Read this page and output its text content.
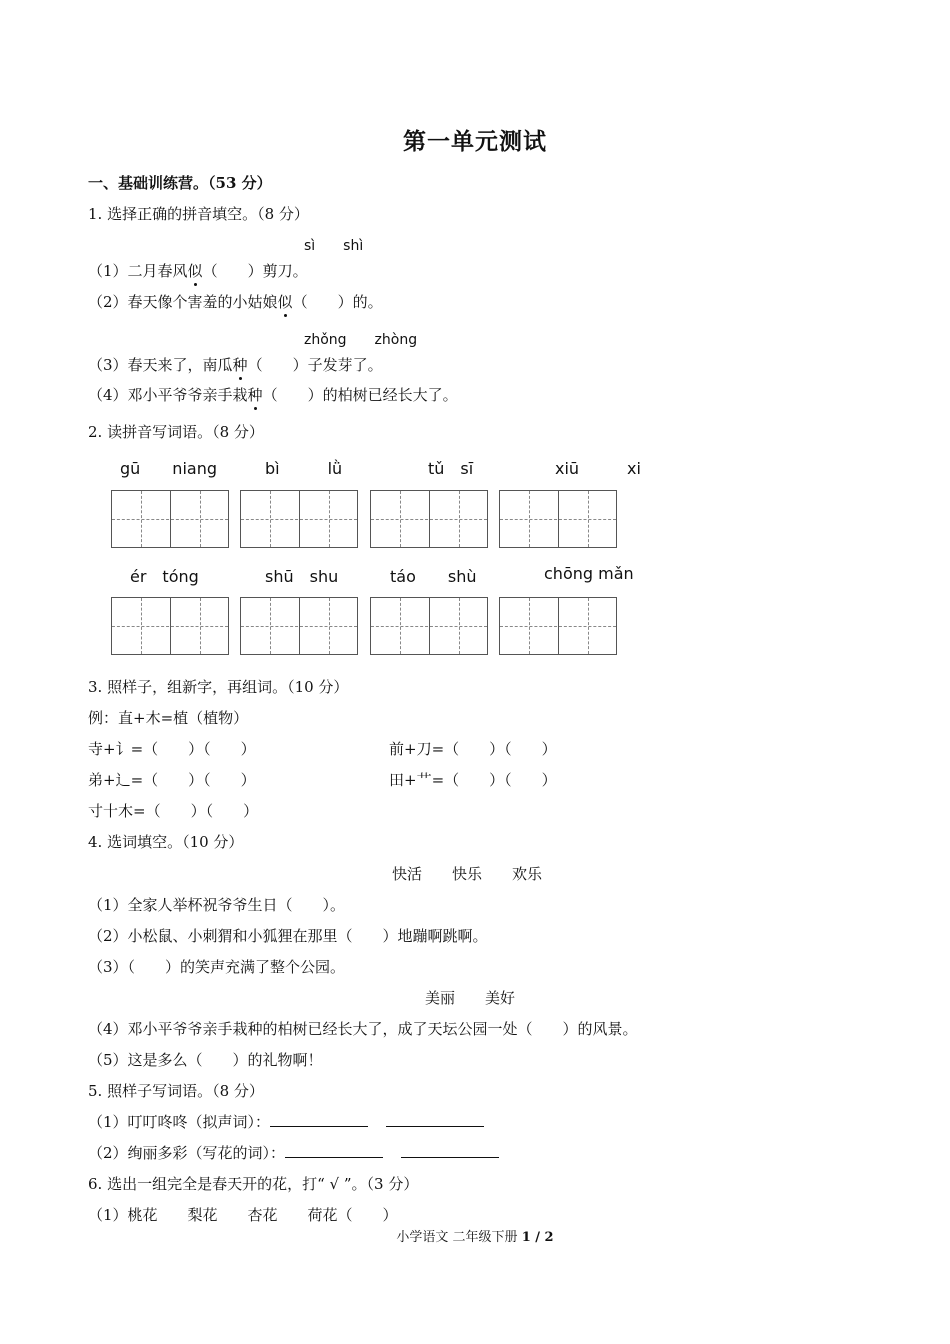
第一单元测试
一、基础训练营。（53 分）
1. 选择正确的拼音填空。（8 分）
sì　　shì
（1）二月春风似（　　）剪刀。
（2）春天像个害羞的小姑娘似（　　）的。
zhǒng　　zhòng
（3）春天来了，南瓜种（　　）子发芽了。
（4）邓小平爷爷亲手栽种（　　）的柏树已经长大了。
2. 读拼音写词语。（8 分）
gū　　niang	bì　　　lǜ	tǔ　sī	xiū　　　xi
ér　tóng	shū　shu	táo　　shù	chōng mǎn
3. 照样子，组新字，再组词。（10 分）
例：直+木=植（植物）
寺+讠=（　　）（　　）	前+刀=（　　）（　　）
弟+辶=（　　）（　　）	田+艹=（　　）（　　）
寸十木=（　　）（　　）
4. 选词填空。（10 分）
快活　　快乐　　欢乐
（1）全家人举杯祝爷爷生日（　　）。
（2）小松鼠、小刺猬和小狐狸在那里（　　）地蹦啊跳啊。
（3）（　　）的笑声充满了整个公园。
美丽　　美好
（4）邓小平爷爷亲手栽种的柏树已经长大了，成了天坛公园一处（　　）的风景。
（5）这是多么（　　）的礼物啊！
5. 照样子写词语。（8 分）
（1）叮叮咚咚（拟声词）：
（2）绚丽多彩（写花的词）：
6. 选出一组完全是春天开的花，打“ √ ”。（3 分）
（1）桃花　　梨花　　杏花　　荷花（　　）
小学语文 二年级下册 1 / 2
